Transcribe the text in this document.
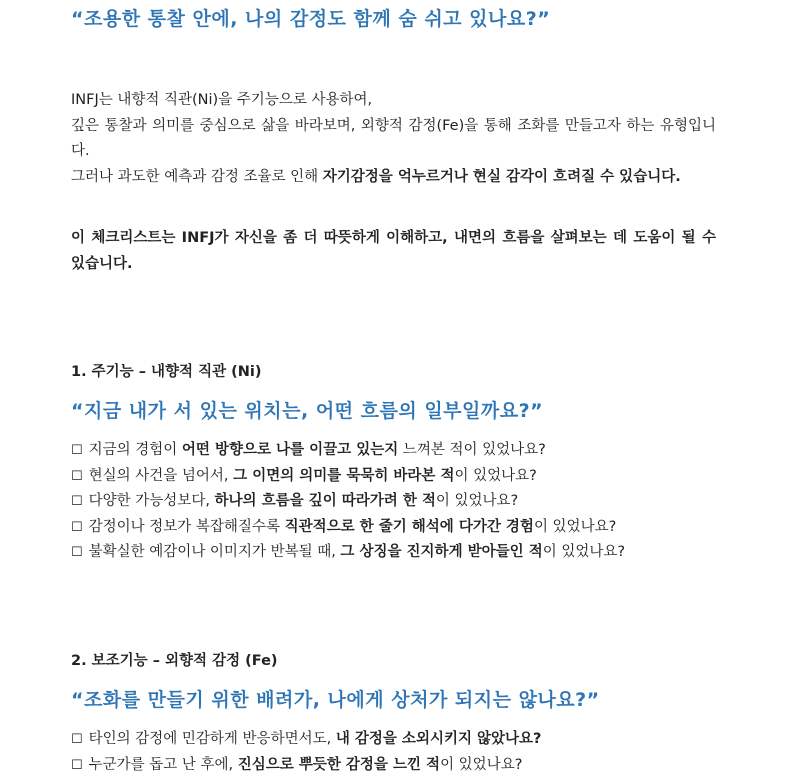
“조용한 통찰 안에, 나의 감정도 함께 숨 쉬고 있나요?”

INFJ는 내향적 직관(Ni)을 주기능으로 사용하여,

깊은 통찰과 의미를 중심으로 삶을 바라보며, 외향적 감정(Fe)을 통해 조화를 만들고자 하는 유형입니다.

그러나 과도한 예측과 감정 조율로 인해 자기감정을 억누르거나 현실 감각이 흐려질 수 있습니다.

이 체크리스트는 INFJ가 자신을 좀 더 따뜻하게 이해하고, 내면의 흐름을 살펴보는 데 도움이 될 수 있습니다.

1. 주기능 – 내향적 직관 (Ni)

“지금 내가 서 있는 위치는, 어떤 흐름의 일부일까요?”

☐ 지금의 경험이 어떤 방향으로 나를 이끌고 있는지 느껴본 적이 있었나요?

☐ 현실의 사건을 넘어서, 그 이면의 의미를 묵묵히 바라본 적이 있었나요?

☐ 다양한 가능성보다, 하나의 흐름을 깊이 따라가려 한 적이 있었나요?

☐ 감정이나 정보가 복잡해질수록 직관적으로 한 줄기 해석에 다가간 경험이 있었나요?

☐ 불확실한 예감이나 이미지가 반복될 때, 그 상징을 진지하게 받아들인 적이 있었나요?

2. 보조기능 – 외향적 감정 (Fe)

“조화를 만들기 위한 배려가, 나에게 상처가 되지는 않나요?”

☐ 타인의 감정에 민감하게 반응하면서도, 내 감정을 소외시키지 않았나요?

☐ 누군가를 돕고 난 후에, 진심으로 뿌듯한 감정을 느낀 적이 있었나요?
